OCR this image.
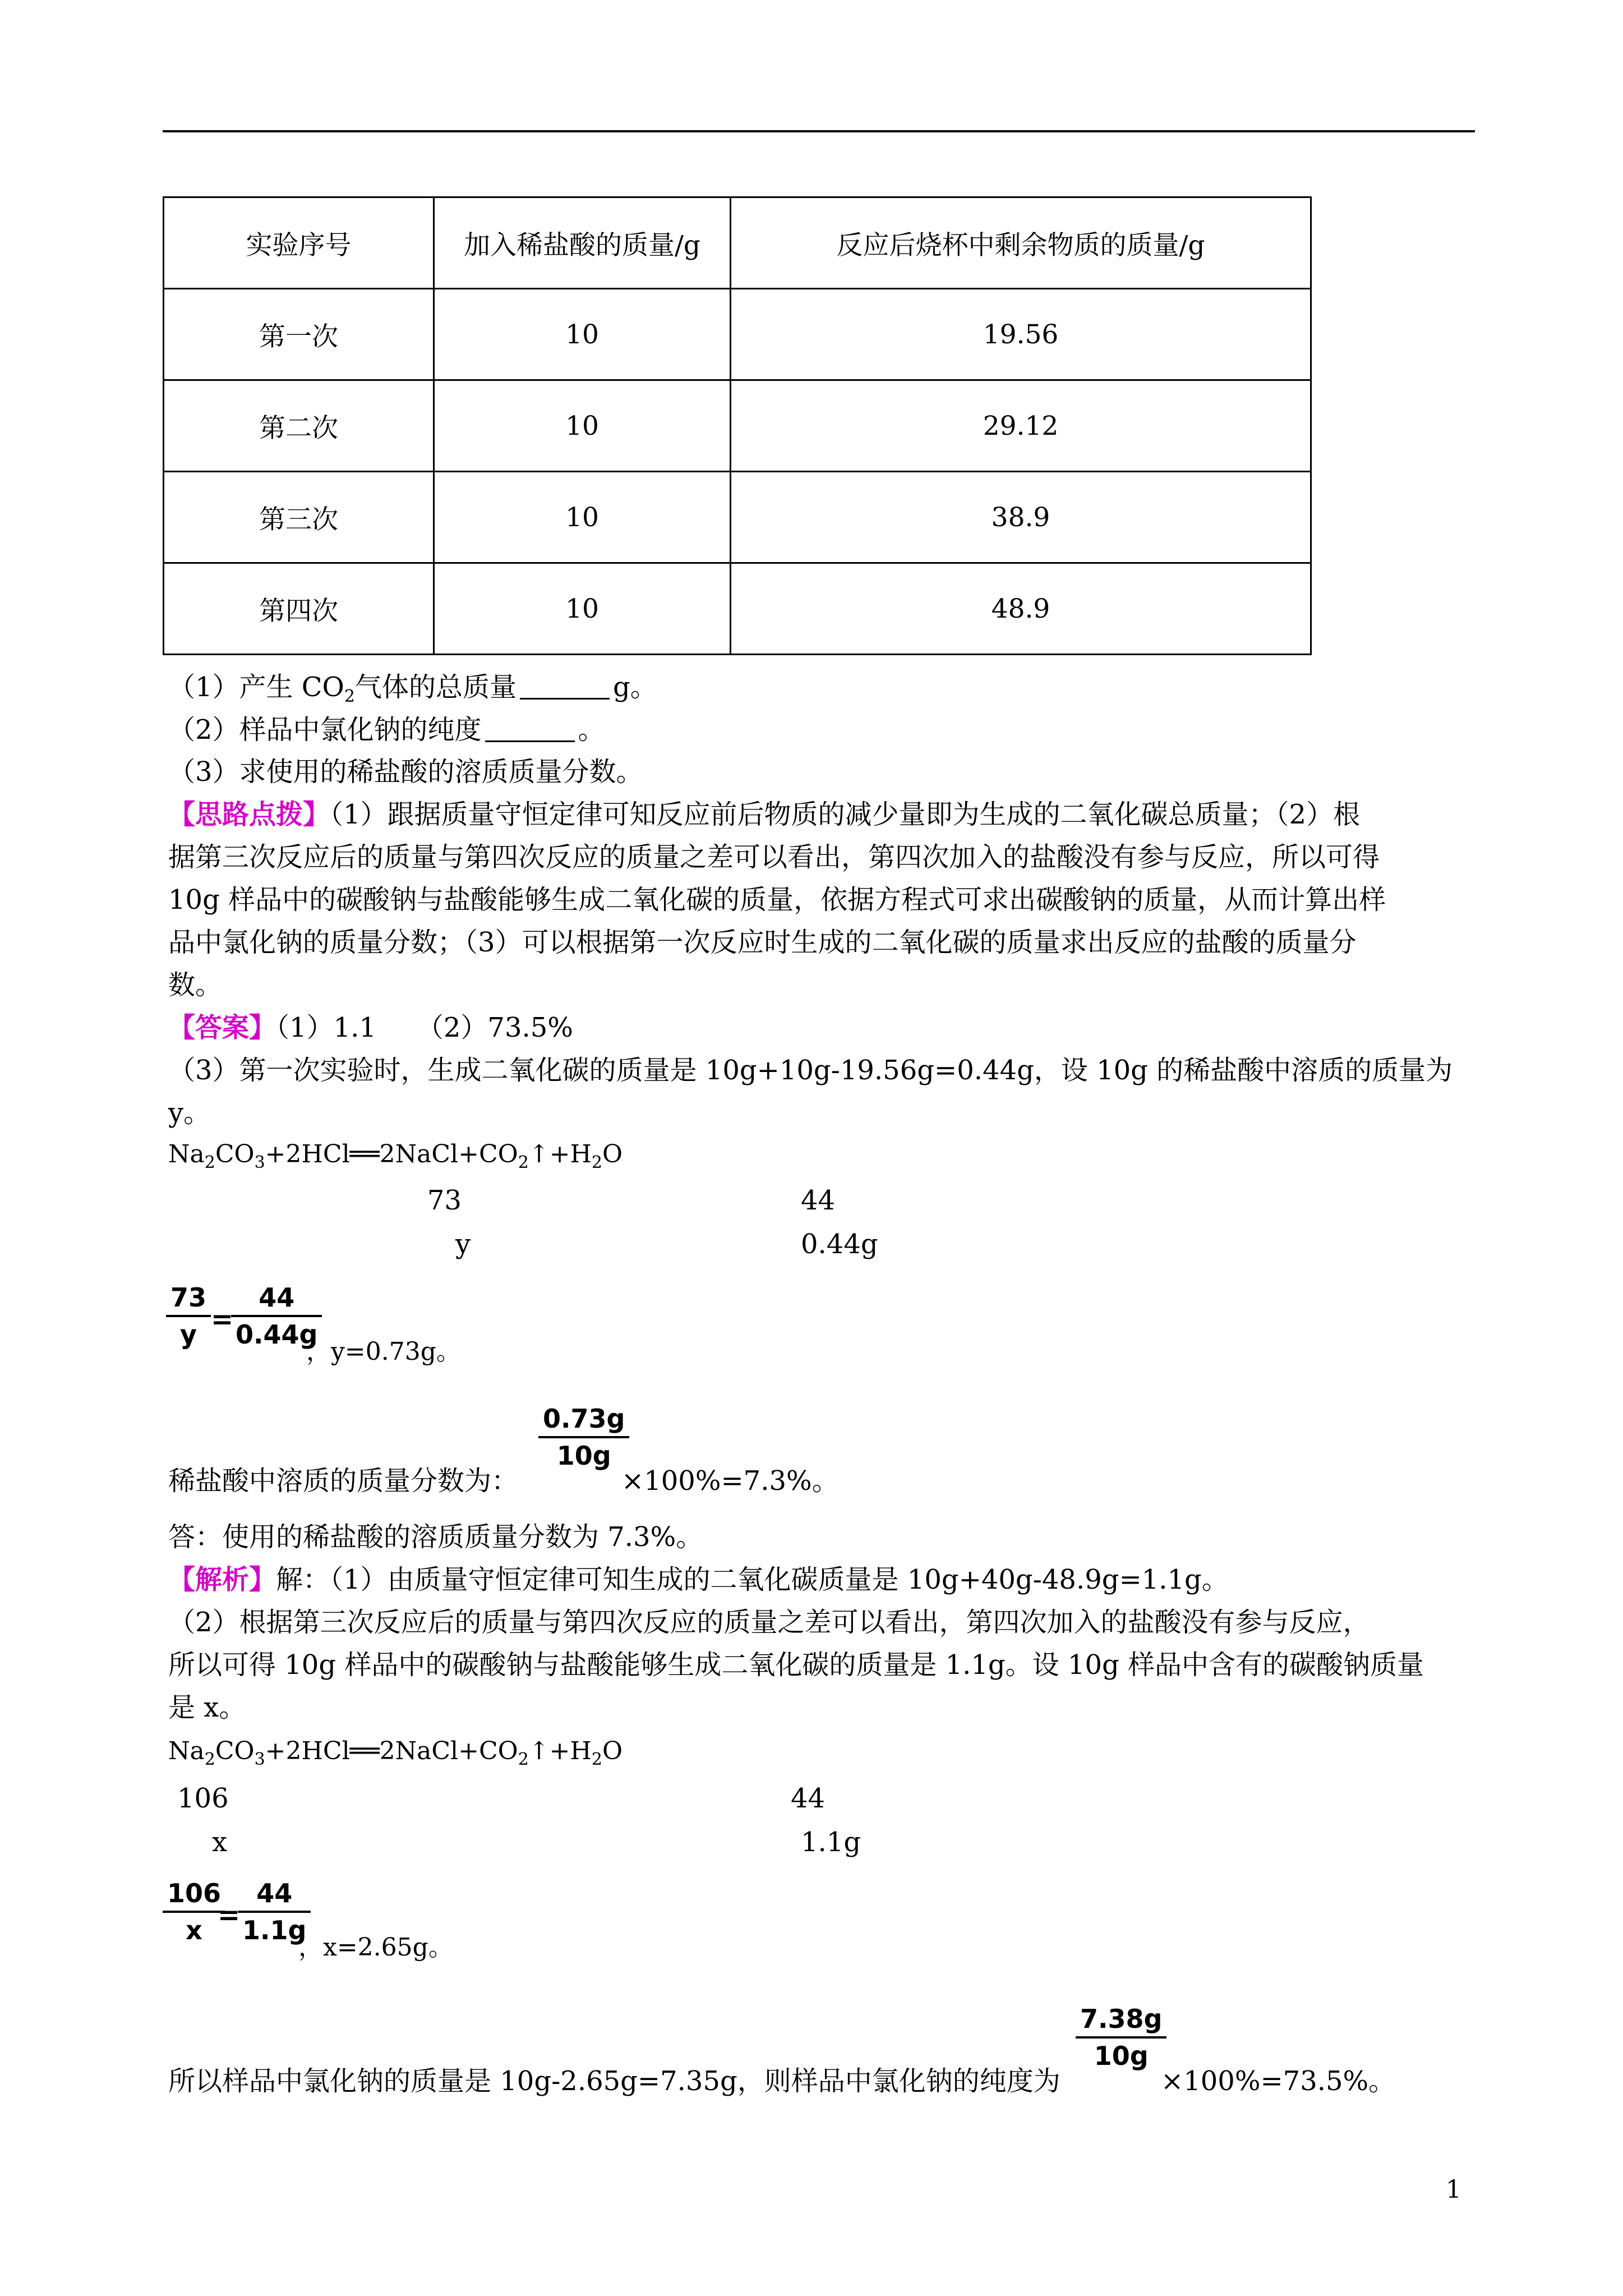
实验序号	加入稀盐酸的质量/g	反应后烧杯中剩余物质的质量/g
第一次	10	19.56
第二次	10	29.12
第三次	10	38.9
第四次	10	48.9
（1）产生 $CO_2$气体的总质量	g。
（2）样品中氯化钠的纯度	。
（3）求使用的稀盐酸的溶质质量分数。
【思路点拨】（1）跟据质量守恒定律可知反应前后物质的减少量即为生成的二氧化碳总质量；（2）根
据第三次反应后的质量与第四次反应的质量之差可以看出，第四次加入的盐酸没有参与反应，所以可得
10g 样品中的碳酸钠与盐酸能够生成二氧化碳的质量，依据方程式可求出碳酸钠的质量，从而计算出样
品中氯化钠的质量分数；（3）可以根据第一次反应时生成的二氧化碳的质量求出反应的盐酸的质量分
数。
【答案】（1）1.1　　（2）73.5%
（3）第一次实验时，生成二氧化碳的质量是 10g+10g-19.56g=0.44g，设 10g 的稀盐酸中溶质的质量为
y。
$Na_2CO_3+2HCl══2NaCl+CO_2↑+H_2O$
73	44
y	0.44g
73
y =
44
0.44g
，y=0.73g。
0.73g
10g
稀盐酸中溶质的质量分数为：	×100%=7.3%。
答：使用的稀盐酸的溶质质量分数为 7.3%。
【解析】解：（1）由质量守恒定律可知生成的二氧化碳质量是 10g+40g-48.9g=1.1g。
（2）根据第三次反应后的质量与第四次反应的质量之差可以看出，第四次加入的盐酸没有参与反应，
所以可得 10g 样品中的碳酸钠与盐酸能够生成二氧化碳的质量是 1.1g。设 10g 样品中含有的碳酸钠质量
是 x。
$Na_2CO_3+2HCl══2NaCl+CO_2↑+H_2O$
106	44
x	1.1g
106
x =
44
1.1g
，x=2.65g。
7.38g
10g
所以样品中氯化钠的质量是 10g-2.65g=7.35g，则样品中氯化钠的纯度为	×100%=73.5%。
1
